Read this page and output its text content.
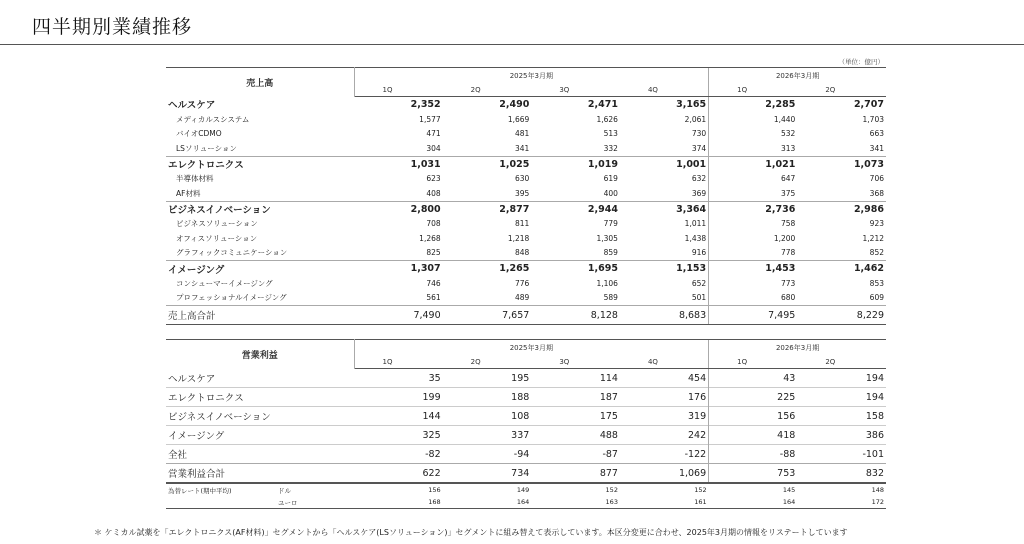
四半期別業績推移
（単位：億円）
売上高	2025年3月期				2026年3月期	
	1Q	2Q	3Q	4Q	1Q	2Q
• ヘルスケア	2,352	2,490	2,471	3,165	2,285	2,707
メディカルスシステム	1,577	1,669	1,626	2,061	1,440	1,703
バイオCDMO	471	481	513	730	532	663
LSソリューション	304	341	332	374	313	341
• エレクトロニクス	1,031	1,025	1,019	1,001	1,021	1,073
半導体材料	623	630	619	632	647	706
AF材料	408	395	400	369	375	368
ビジネスイノベーション	2,800	2,877	2,944	3,364	2,736	2,986
ビジネスソリューション	708	811	779	1,011	758	923
オフィスソリューション	1,268	1,218	1,305	1,438	1,200	1,212
グラフィックコミュニケーション	825	848	859	916	778	852
イメージング	1,307	1,265	1,695	1,153	1,453	1,462
コンシューマーイメージング	746	776	1,106	652	773	853
プロフェッショナルイメージング	561	489	589	501	680	609
売上高合計	7,490	7,657	8,128	8,683	7,495	8,229
営業利益	2025年3月期				2026年3月期	
	1Q	2Q	3Q	4Q	1Q	2Q
• ヘルスケア	35	195	114	454	43	194
• エレクトロニクス	199	188	187	176	225	194
ビジネスイノベーション	144	108	175	319	156	158
イメージング	325	337	488	242	418	386
全社	-82	-94	-87	-122	-88	-101
営業利益合計	622	734	877	1,069	753	832
為替レート(期中平均)	ドル	156	149	152	152	145	148
	ユーロ	168	164	163	161	164	172
＊ ケミカル試薬を「エレクトロニクス(AF材料)」セグメントから「ヘルスケア(LSソリューション)」セグメントに組み替えて表示しています。本区分変更に合わせ、2025年3月期の情報をリステートしています
